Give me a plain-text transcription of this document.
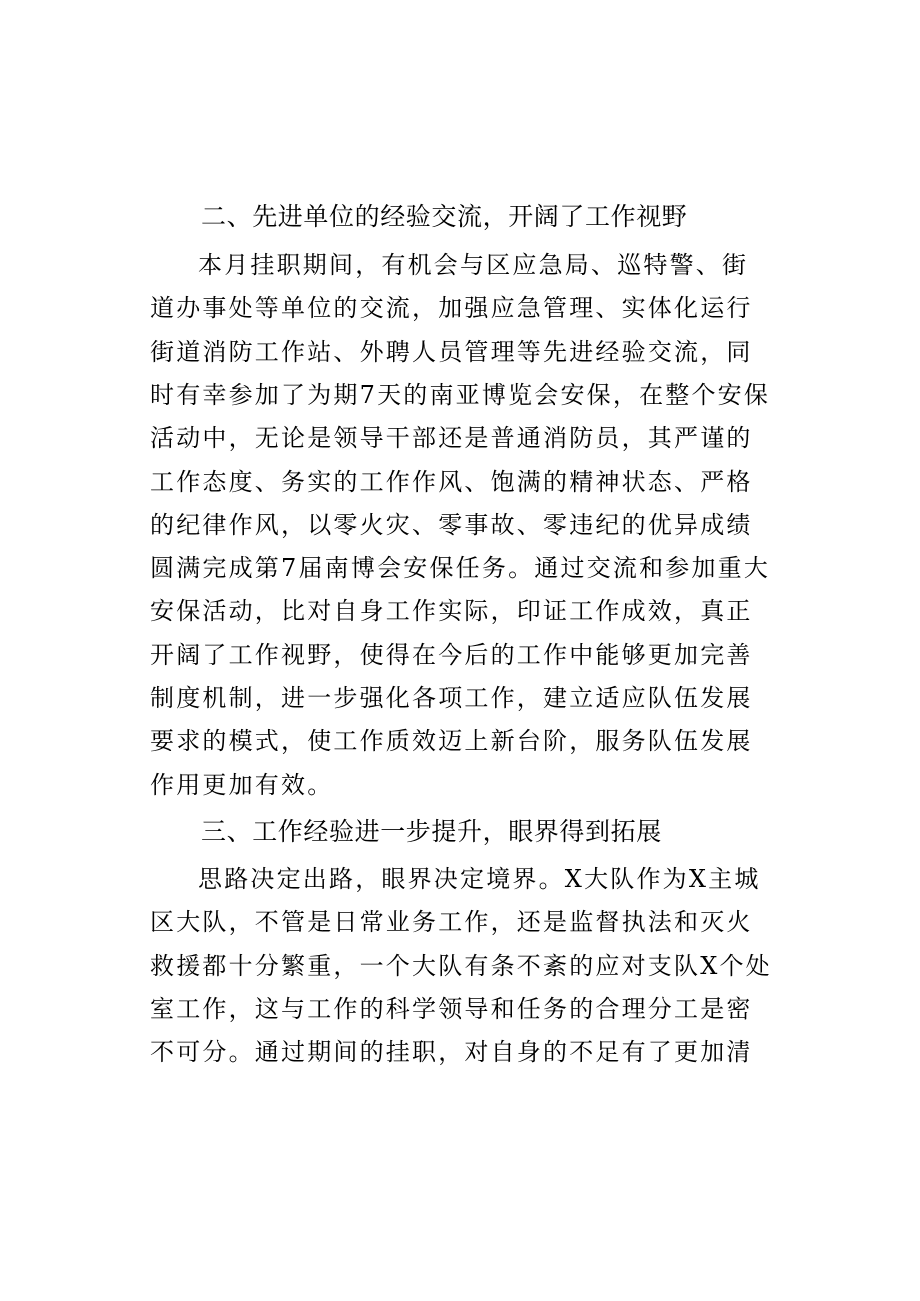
二、先进单位的经验交流，开阔了工作视野

本月挂职期间，有机会与区应急局、巡特警、街

道办事处等单位的交流，加强应急管理、实体化运行

街道消防工作站、外聘人员管理等先进经验交流，同

时有幸参加了为期7天的南亚博览会安保，在整个安保

活动中，无论是领导干部还是普通消防员，其严谨的

工作态度、务实的工作作风、饱满的精神状态、严格

的纪律作风，以零火灾、零事故、零违纪的优异成绩

圆满完成第7届南博会安保任务。通过交流和参加重大

安保活动，比对自身工作实际，印证工作成效，真正

开阔了工作视野，使得在今后的工作中能够更加完善

制度机制，进一步强化各项工作，建立适应队伍发展

要求的模式，使工作质效迈上新台阶，服务队伍发展

作用更加有效。

三、工作经验进一步提升，眼界得到拓展

思路决定出路，眼界决定境界。X大队作为X主城

区大队，不管是日常业务工作，还是监督执法和灭火

救援都十分繁重，一个大队有条不紊的应对支队X个处

室工作，这与工作的科学领导和任务的合理分工是密

不可分。通过期间的挂职，对自身的不足有了更加清
